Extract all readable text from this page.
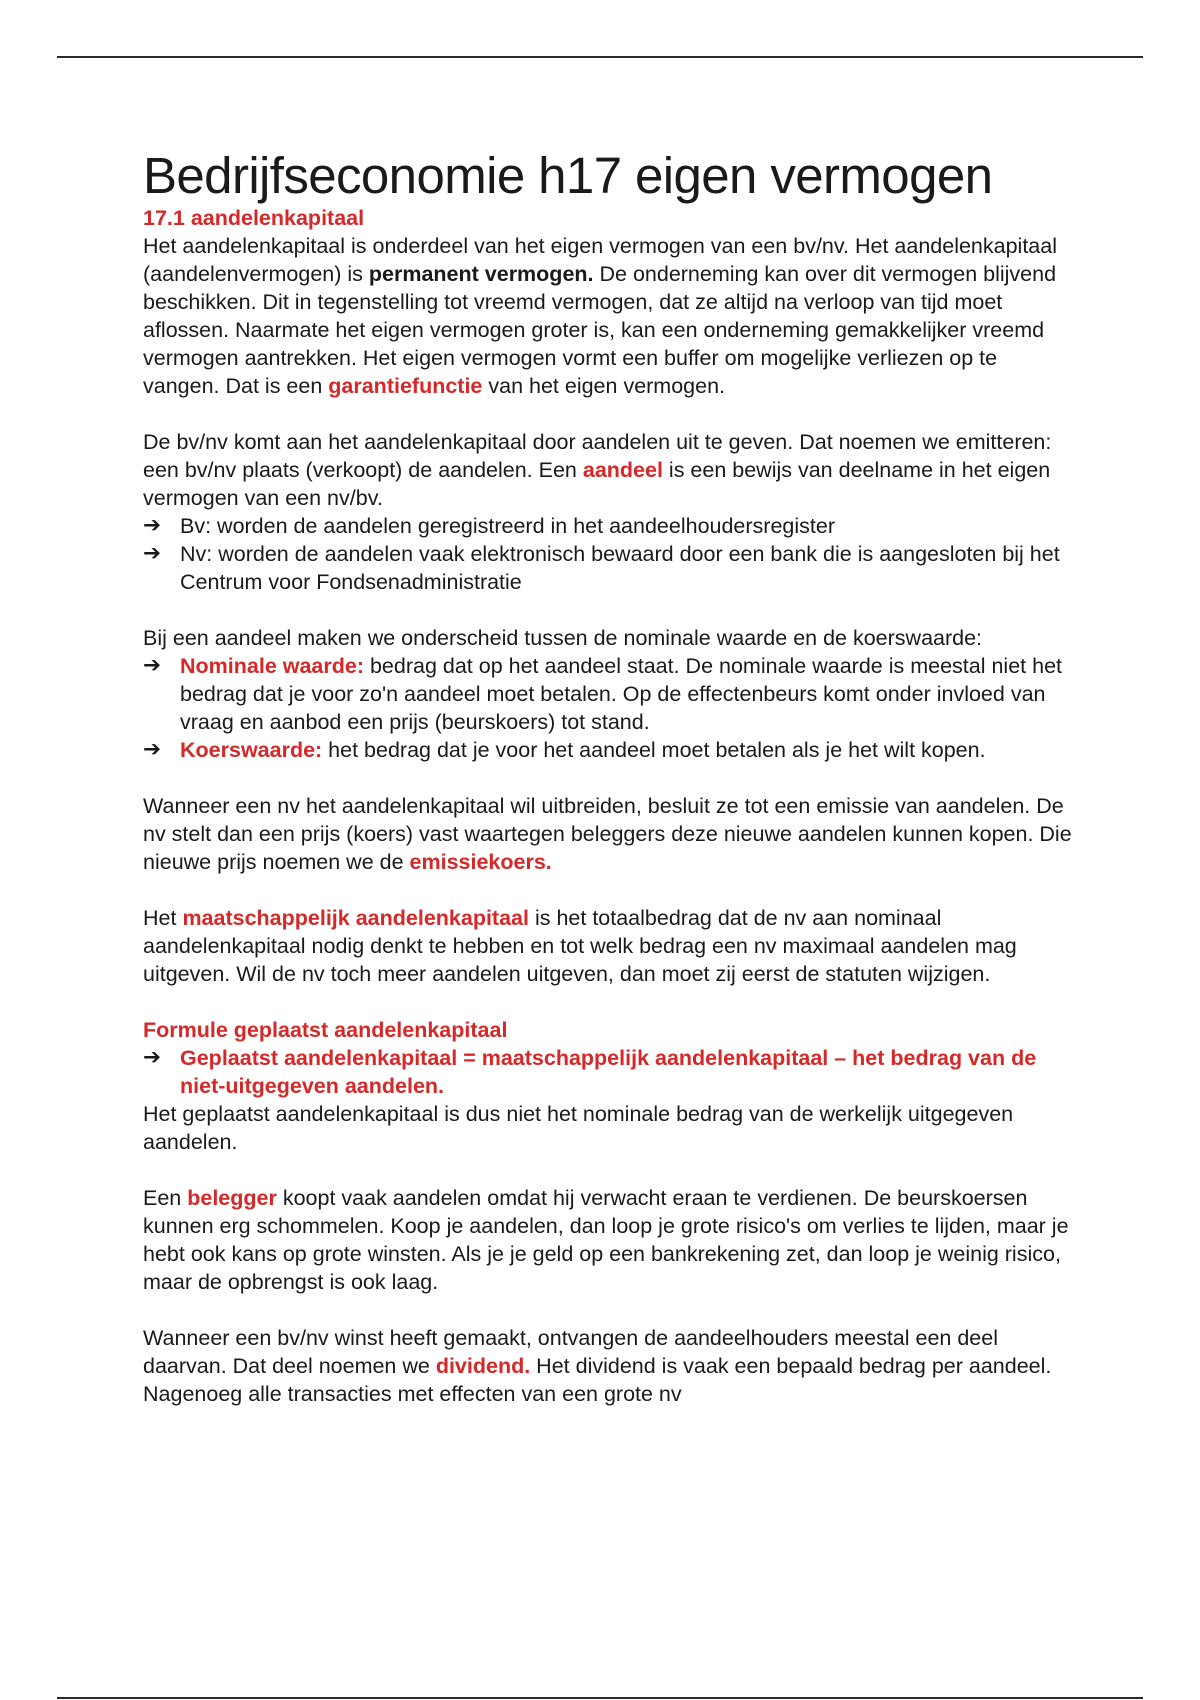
Bedrijfseconomie h17 eigen vermogen
17.1 aandelenkapitaal

Het aandelenkapitaal is onderdeel van het eigen vermogen van een bv/nv. Het aandelenkapitaal (aandelenvermogen) is permanent vermogen. De onderneming kan over dit vermogen blijvend beschikken. Dit in tegenstelling tot vreemd vermogen, dat ze altijd na verloop van tijd moet aflossen. Naarmate het eigen vermogen groter is, kan een onderneming gemakkelijker vreemd vermogen aantrekken. Het eigen vermogen vormt een buffer om mogelijke verliezen op te vangen. Dat is een garantiefunctie van het eigen vermogen.

De bv/nv komt aan het aandelenkapitaal door aandelen uit te geven. Dat noemen we emitteren: een bv/nv plaats (verkoopt) de aandelen. Een aandeel is een bewijs van deelname in het eigen vermogen van een nv/bv.

➔ Bv: worden de aandelen geregistreerd in het aandeelhoudersregister
➔ Nv: worden de aandelen vaak elektronisch bewaard door een bank die is aangesloten bij het Centrum voor Fondsenadministratie

Bij een aandeel maken we onderscheid tussen de nominale waarde en de koerswaarde:

➔ Nominale waarde: bedrag dat op het aandeel staat. De nominale waarde is meestal niet het bedrag dat je voor zo'n aandeel moet betalen. Op de effectenbeurs komt onder invloed van vraag en aanbod een prijs (beurskoers) tot stand.
➔ Koerswaarde: het bedrag dat je voor het aandeel moet betalen als je het wilt kopen.

Wanneer een nv het aandelenkapitaal wil uitbreiden, besluit ze tot een emissie van aandelen. De nv stelt dan een prijs (koers) vast waartegen beleggers deze nieuwe aandelen kunnen kopen. Die nieuwe prijs noemen we de emissiekoers.

Het maatschappelijk aandelenkapitaal is het totaalbedrag dat de nv aan nominaal aandelenkapitaal nodig denkt te hebben en tot welk bedrag een nv maximaal aandelen mag uitgeven. Wil de nv toch meer aandelen uitgeven, dan moet zij eerst de statuten wijzigen.

Formule geplaatst aandelenkapitaal
➔ Geplaatst aandelenkapitaal = maatschappelijk aandelenkapitaal – het bedrag van de niet-uitgegeven aandelen.

Het geplaatst aandelenkapitaal is dus niet het nominale bedrag van de werkelijk uitgegeven aandelen.

Een belegger koopt vaak aandelen omdat hij verwacht eraan te verdienen. De beurskoersen kunnen erg schommelen. Koop je aandelen, dan loop je grote risico's om verlies te lijden, maar je hebt ook kans op grote winsten. Als je je geld op een bankrekening zet, dan loop je weinig risico, maar de opbrengst is ook laag.

Wanneer een bv/nv winst heeft gemaakt, ontvangen de aandeelhouders meestal een deel daarvan. Dat deel noemen we dividend. Het dividend is vaak een bepaald bedrag per aandeel. Nagenoeg alle transacties met effecten van een grote nv
